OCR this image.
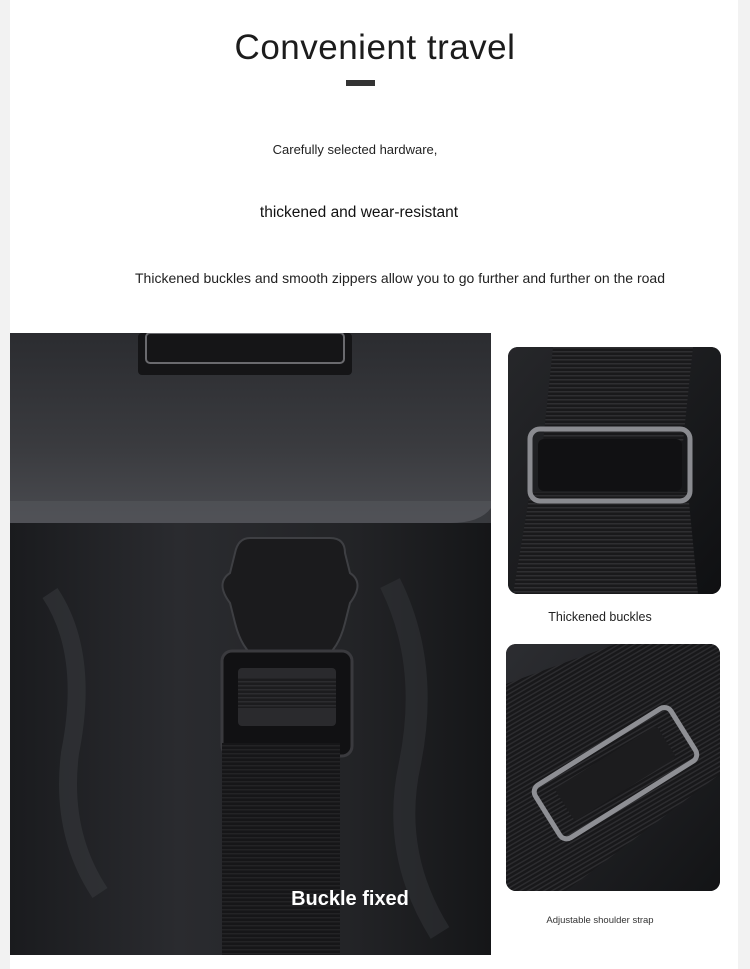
Convenient travel
Carefully selected hardware,
thickened and wear-resistant
Thickened buckles and smooth zippers allow you to go further and further on the road
Buckle fixed
Thickened buckles
Adjustable shoulder strap
